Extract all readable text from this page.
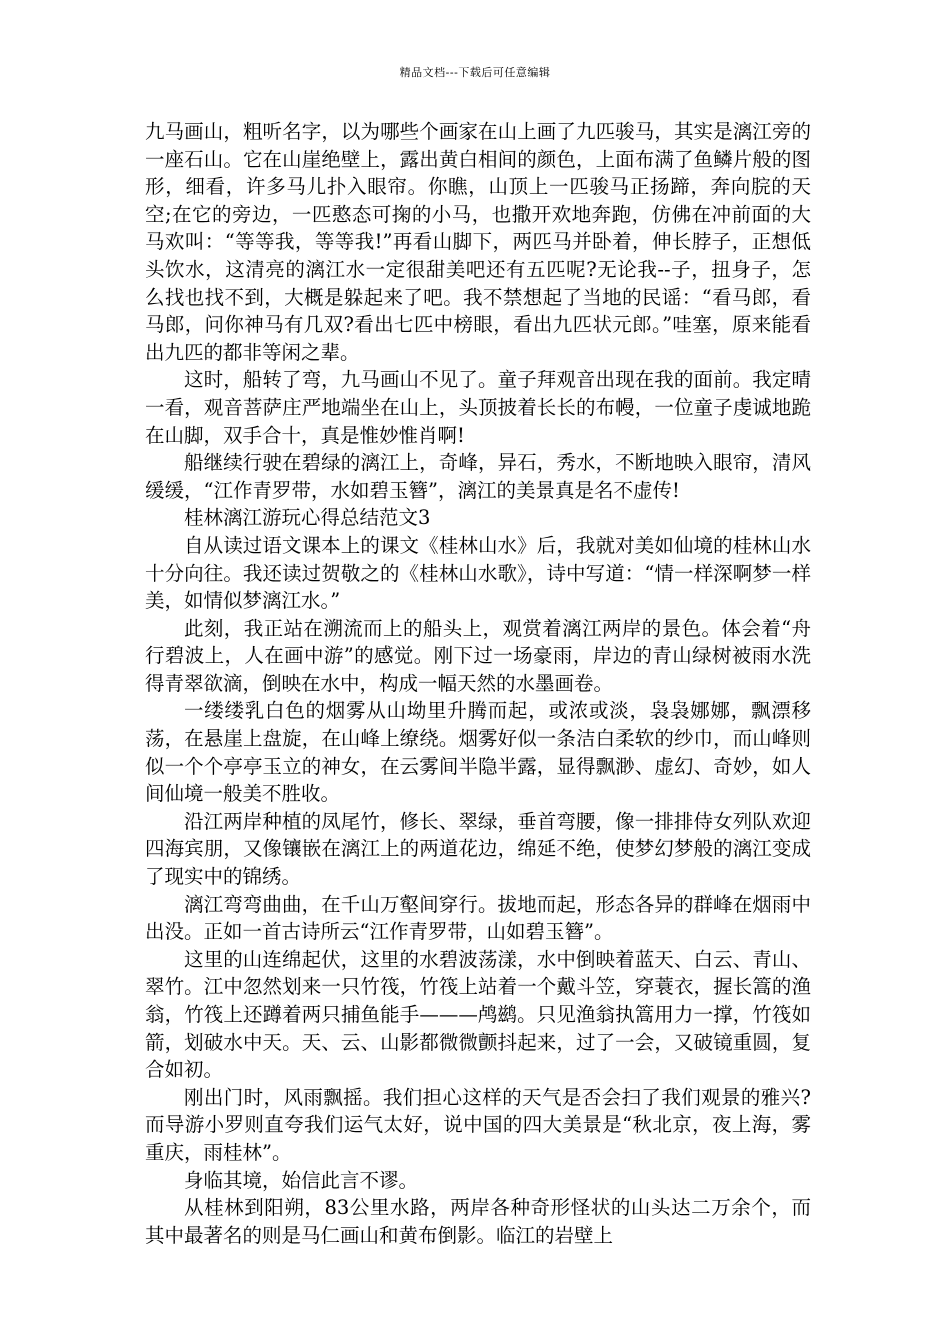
精品文档---下载后可任意编辑

九马画山，粗听名字，以为哪些个画家在山上画了九匹骏马，其实是漓江旁的一座石山。它在山崖绝壁上，露出黄白相间的颜色，上面布满了鱼鳞片般的图形，细看，许多马儿扑入眼帘。你瞧，山顶上一匹骏马正扬蹄，奔向脘的天空;在它的旁边，一匹憨态可掬的小马，也撒开欢地奔跑，仿佛在冲前面的大马欢叫：“等等我，等等我!”再看山脚下，两匹马并卧着，伸长脖子，正想低头饮水，这清亮的漓江水一定很甜美吧还有五匹呢?无论我--子，扭身子，怎么找也找不到，大概是躲起来了吧。我不禁想起了当地的民谣：“看马郎，看马郎，问你神马有几双?看出七匹中榜眼，看出九匹状元郎。”哇塞，原来能看出九匹的都非等闲之辈。

这时，船转了弯，九马画山不见了。童子拜观音出现在我的面前。我定晴一看，观音菩萨庄严地端坐在山上，头顶披着长长的布幔，一位童子虔诚地跪在山脚，双手合十，真是惟妙惟肖啊!

船继续行驶在碧绿的漓江上，奇峰，异石，秀水，不断地映入眼帘，清风缓缓，“江作青罗带，水如碧玉簪”，漓江的美景真是名不虚传!

桂林漓江游玩心得总结范文3

自从读过语文课本上的课文《桂林山水》后，我就对美如仙境的桂林山水十分向往。我还读过贺敬之的《桂林山水歌》，诗中写道：“情一样深啊梦一样美，如情似梦漓江水。”

此刻，我正站在溯流而上的船头上，观赏着漓江两岸的景色。体会着“舟行碧波上，人在画中游”的感觉。刚下过一场豪雨，岸边的青山绿树被雨水洗得青翠欲滴，倒映在水中，构成一幅天然的水墨画卷。

一缕缕乳白色的烟雾从山坳里升腾而起，或浓或淡，袅袅娜娜，飘漂移荡，在悬崖上盘旋，在山峰上缭绕。烟雾好似一条洁白柔软的纱巾，而山峰则似一个个亭亭玉立的神女，在云雾间半隐半露，显得飘渺、虚幻、奇妙，如人间仙境一般美不胜收。

沿江两岸种植的凤尾竹，修长、翠绿，垂首弯腰，像一排排侍女列队欢迎四海宾朋，又像镶嵌在漓江上的两道花边，绵延不绝，使梦幻梦般的漓江变成了现实中的锦绣。

漓江弯弯曲曲，在千山万壑间穿行。拔地而起，形态各异的群峰在烟雨中出没。正如一首古诗所云“江作青罗带，山如碧玉簪”。

这里的山连绵起伏，这里的水碧波荡漾，水中倒映着蓝天、白云、青山、翠竹。江中忽然划来一只竹筏，竹筏上站着一个戴斗笠，穿蓑衣，握长篙的渔翁，竹筏上还蹲着两只捕鱼能手———鸬鹚。只见渔翁执篙用力一撑，竹筏如箭，划破水中天。天、云、山影都微微颤抖起来，过了一会，又破镜重圆，复合如初。

刚出门时，风雨飘摇。我们担心这样的天气是否会扫了我们观景的雅兴?而导游小罗则直夸我们运气太好，说中国的四大美景是“秋北京，夜上海，雾重庆，雨桂林”。

身临其境，始信此言不谬。

从桂林到阳朔，83公里水路，两岸各种奇形怪状的山头达二万余个，而其中最著名的则是马仁画山和黄布倒影。临江的岩壁上
